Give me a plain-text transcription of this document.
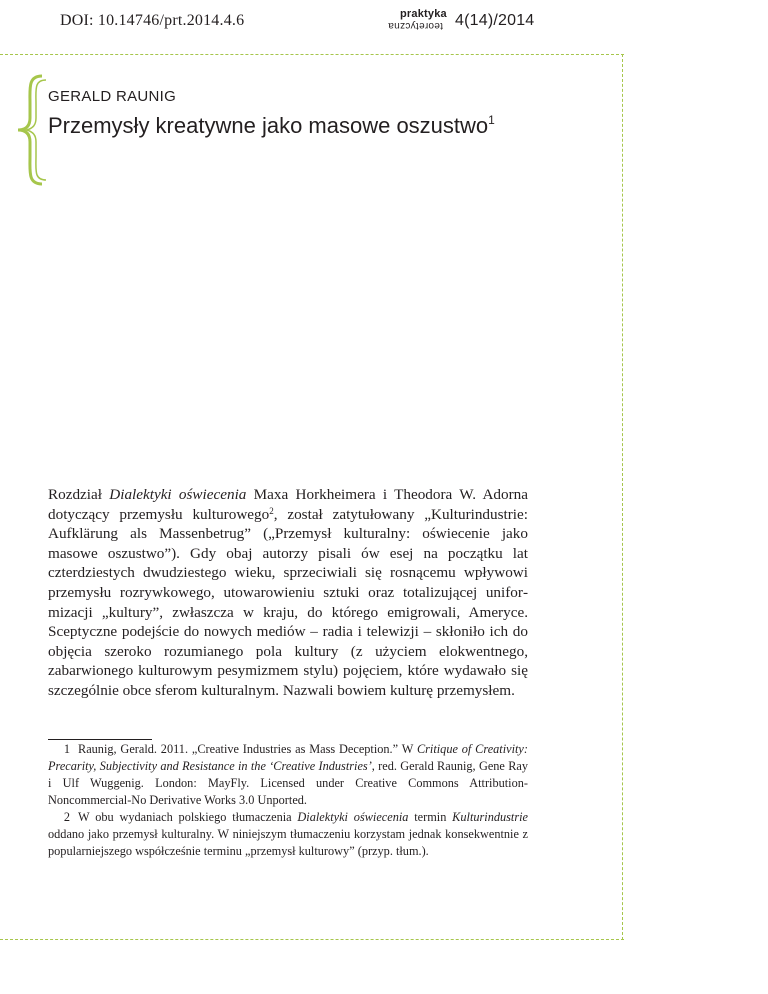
DOI: 10.14746/prt.2014.4.6	praktyka
teoretyczna 4(14)/2014
GERALD RAUNIG
Przemysły kreatywne jako masowe oszustwo$^1$

Rozdział Dialektyki oświecenia Maxa Horkheimera i Theodora W. Adorna dotyczący przemysłu kulturowego$^2$, został zatytułowany „Kulturindustrie: Aufklärung als Massenbetrug” („Przemysł kulturalny: oświecenie jako masowe oszustwo”). Gdy obaj autorzy pisali ów esej na początku lat czterdziestych dwudziestego wieku, sprzeciwiali się rosnącemu wpływowi przemysłu rozrywkowego, utowarowieniu sztuki oraz totalizującej uniformizacji „kultury”, zwłaszcza w kraju, do którego emigrowali, Ameryce. Sceptyczne podejście do nowych mediów – radia i telewizji – skłoniło ich do objęcia szeroko rozumianego pola kultury (z użyciem elokwentnego, zabarwionego kulturowym pesymizmem stylu) pojęciem, które wydawało się szczególnie obce sferom kulturalnym. Nazwali bowiem kulturę przemysłem.

1 Raunig, Gerald. 2011. „Creative Industries as Mass Deception.” W Critique of Creativity: Precarity, Subjectivity and Resistance in the ‘Creative Industries’, red. Gerald Raunig, Gene Ray i Ulf Wuggenig. London: MayFly. Licensed under Creative Commons Attribution-Noncommercial-No Derivative Works 3.0 Unported.

2 W obu wydaniach polskiego tłumaczenia Dialektyki oświecenia termin Kulturindustrie oddano jako przemysł kulturalny. W niniejszym tłumaczeniu korzystam jednak konsekwentnie z popularniejszego współcześnie terminu „przemysł kulturowy” (przyp. tłum.).
